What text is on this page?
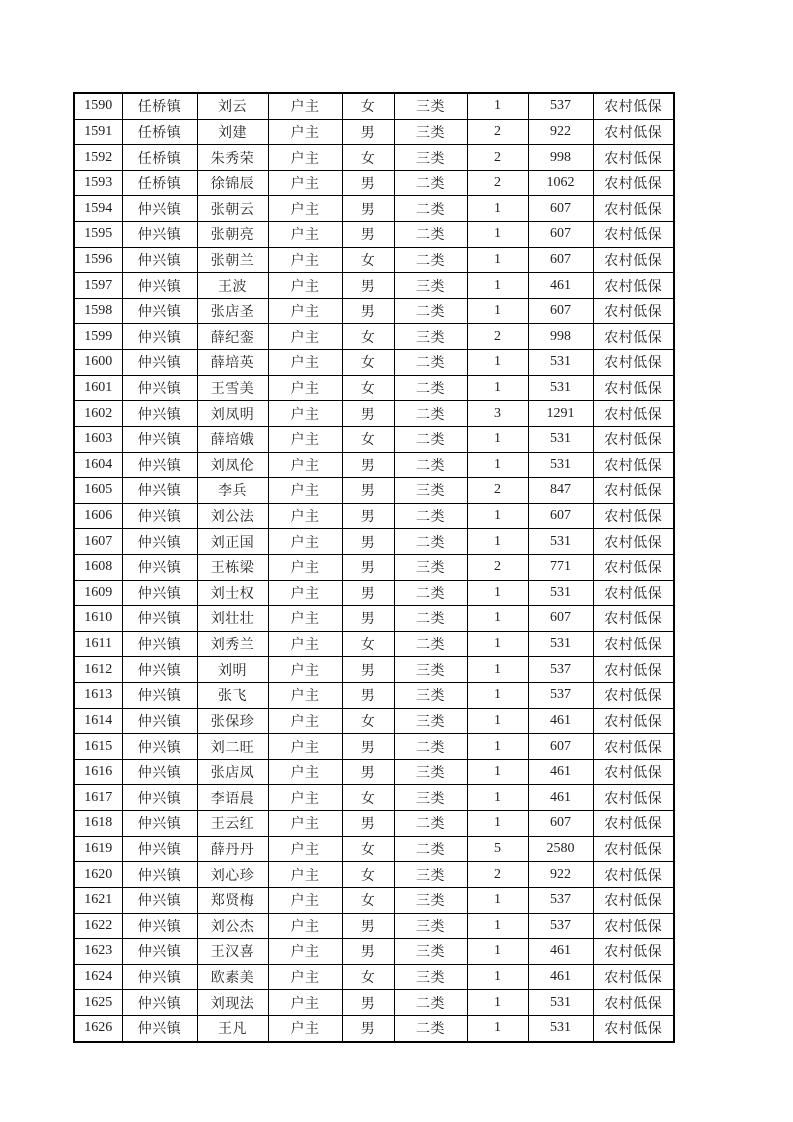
1590	任桥镇	刘云	户主	女	三类	1	537	农村低保
1591	任桥镇	刘建	户主	男	三类	2	922	农村低保
1592	任桥镇	朱秀荣	户主	女	三类	2	998	农村低保
1593	任桥镇	徐锦辰	户主	男	二类	2	1062	农村低保
1594	仲兴镇	张朝云	户主	男	二类	1	607	农村低保
1595	仲兴镇	张朝亮	户主	男	二类	1	607	农村低保
1596	仲兴镇	张朝兰	户主	女	二类	1	607	农村低保
1597	仲兴镇	王波	户主	男	三类	1	461	农村低保
1598	仲兴镇	张店圣	户主	男	二类	1	607	农村低保
1599	仲兴镇	薛纪銮	户主	女	三类	2	998	农村低保
1600	仲兴镇	薛培英	户主	女	二类	1	531	农村低保
1601	仲兴镇	王雪美	户主	女	二类	1	531	农村低保
1602	仲兴镇	刘凤明	户主	男	二类	3	1291	农村低保
1603	仲兴镇	薛培娥	户主	女	二类	1	531	农村低保
1604	仲兴镇	刘凤伦	户主	男	二类	1	531	农村低保
1605	仲兴镇	李兵	户主	男	三类	2	847	农村低保
1606	仲兴镇	刘公法	户主	男	二类	1	607	农村低保
1607	仲兴镇	刘正国	户主	男	二类	1	531	农村低保
1608	仲兴镇	王栋梁	户主	男	三类	2	771	农村低保
1609	仲兴镇	刘士权	户主	男	二类	1	531	农村低保
1610	仲兴镇	刘壮壮	户主	男	二类	1	607	农村低保
1611	仲兴镇	刘秀兰	户主	女	二类	1	531	农村低保
1612	仲兴镇	刘明	户主	男	三类	1	537	农村低保
1613	仲兴镇	张飞	户主	男	三类	1	537	农村低保
1614	仲兴镇	张保珍	户主	女	三类	1	461	农村低保
1615	仲兴镇	刘二旺	户主	男	二类	1	607	农村低保
1616	仲兴镇	张店凤	户主	男	三类	1	461	农村低保
1617	仲兴镇	李语晨	户主	女	三类	1	461	农村低保
1618	仲兴镇	王云红	户主	男	二类	1	607	农村低保
1619	仲兴镇	薛丹丹	户主	女	二类	5	2580	农村低保
1620	仲兴镇	刘心珍	户主	女	三类	2	922	农村低保
1621	仲兴镇	郑贤梅	户主	女	三类	1	537	农村低保
1622	仲兴镇	刘公杰	户主	男	三类	1	537	农村低保
1623	仲兴镇	王汉喜	户主	男	三类	1	461	农村低保
1624	仲兴镇	欧素美	户主	女	三类	1	461	农村低保
1625	仲兴镇	刘现法	户主	男	二类	1	531	农村低保
1626	仲兴镇	王凡	户主	男	二类	1	531	农村低保
